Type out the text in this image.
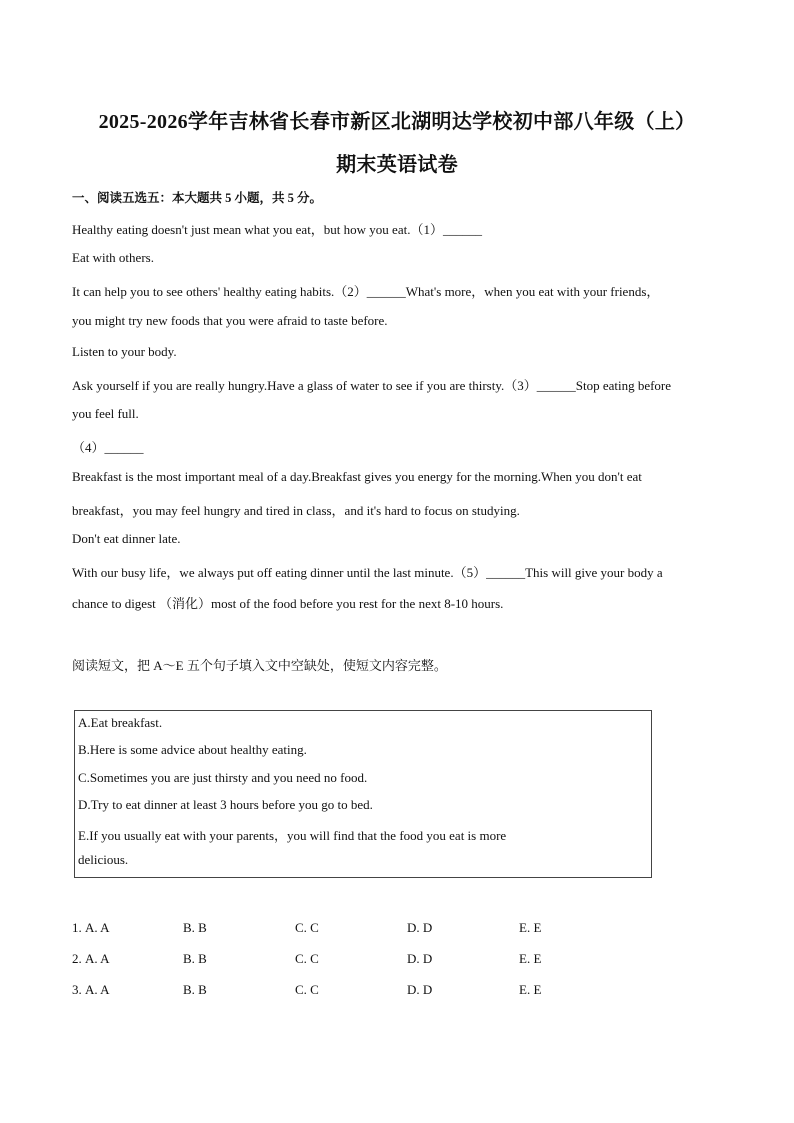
2025-2026学年吉林省长春市新区北湖明达学校初中部八年级（上）
期末英语试卷
一、阅读五选五：本大题共 5 小题，共 5 分。
Healthy eating doesn't just mean what you eat，but how you eat.（1）______
Eat with others.
It can help you to see others' healthy eating habits.（2）______What's more，when you eat with your friends，
you might try new foods that you were afraid to taste before.
Listen to your body.
Ask yourself if you are really hungry.Have a glass of water to see if you are thirsty.（3）______Stop eating before
you feel full.
（4）______
Breakfast is the most important meal of a day.Breakfast gives you energy for the morning.When you don't eat
breakfast，you may feel hungry and tired in class，and it's hard to focus on studying.
Don't eat dinner late.
With our busy life，we always put off eating dinner until the last minute.（5）______This will give your body a
chance to digest （消化）most of the food before you rest for the next 8-10 hours.
阅读短文，把 A～E 五个句子填入文中空缺处，使短文内容完整。
A.Eat breakfast.
B.Here is some advice about healthy eating.
C.Sometimes you are just thirsty and you need no food.
D.Try to eat dinner at least 3 hours before you go to bed.
E.If you usually eat with your parents，you will find that the food you eat is more
delicious.
1. A. A	B. B	C. C	D. D	E. E
2. A. A	B. B	C. C	D. D	E. E
3. A. A	B. B	C. C	D. D	E. E
